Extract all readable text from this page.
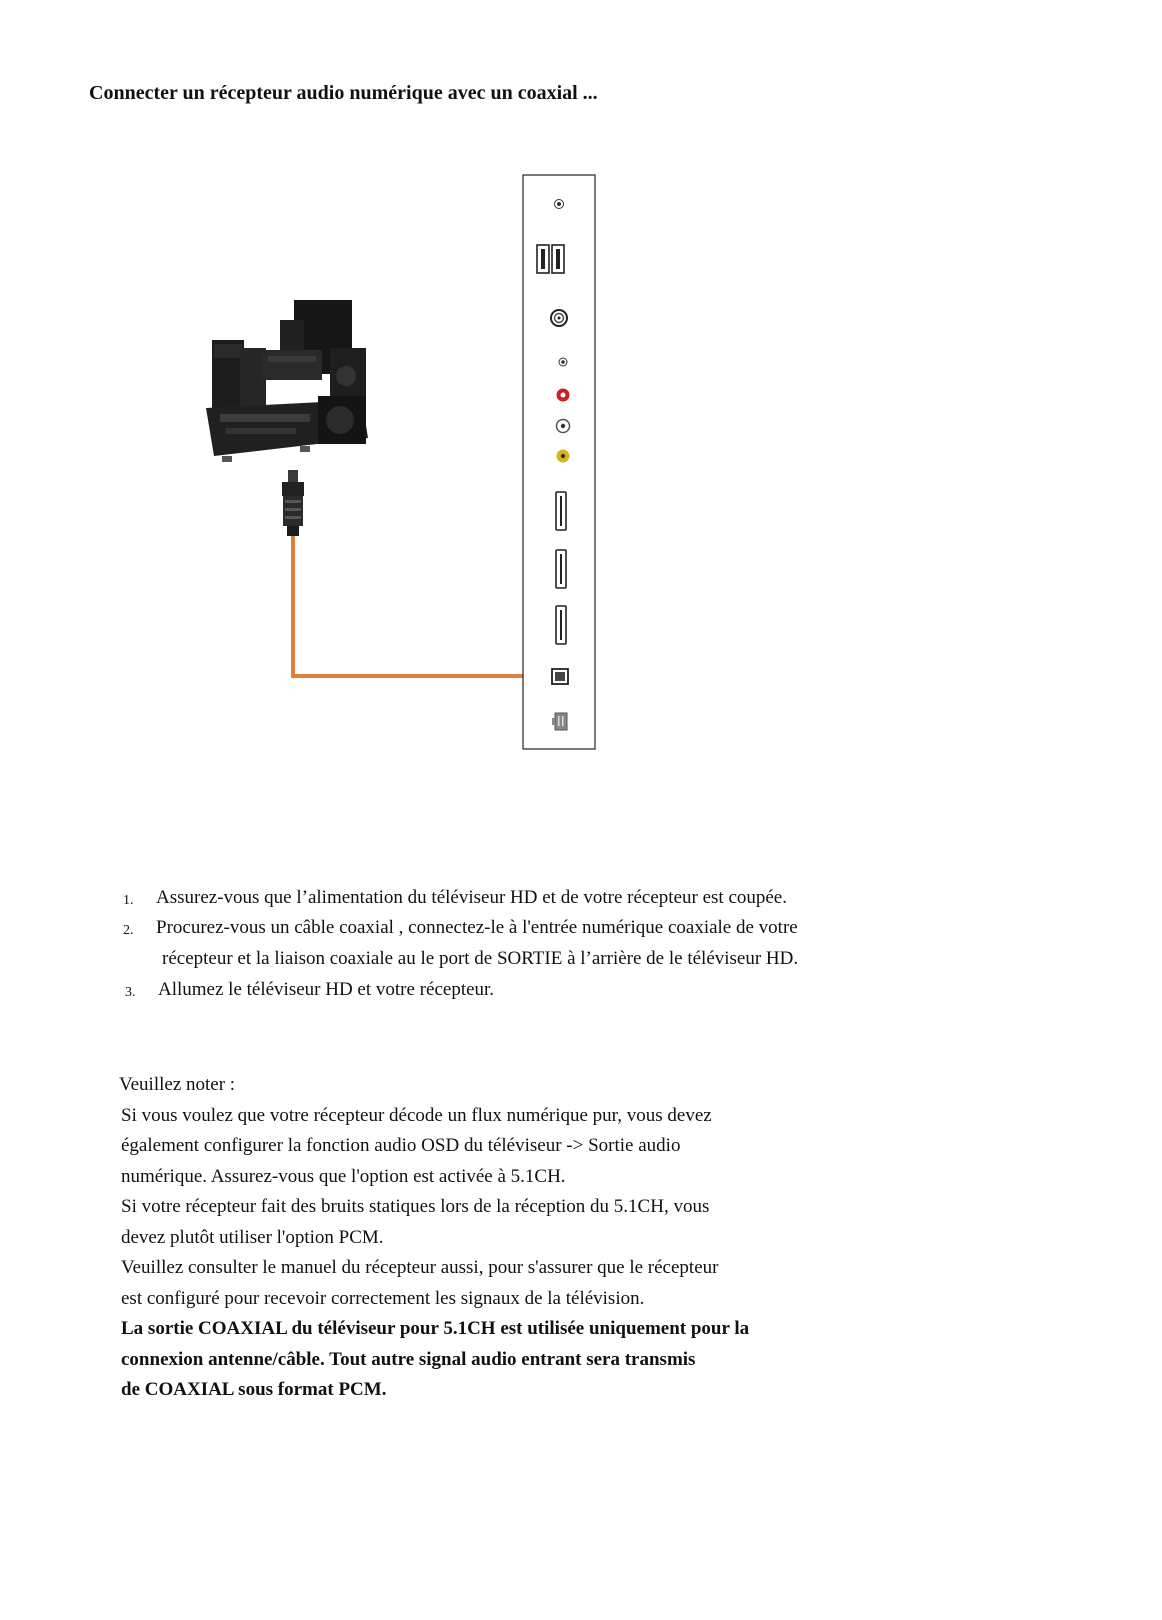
Connecter un récepteur audio numérique avec un coaxial ...
1. Assurez-vous que l’alimentation du téléviseur HD et de votre récepteur est coupée.
2. Procurez-vous un câble coaxial , connectez-le à l'entrée numérique coaxiale de votre
récepteur et la liaison coaxiale au le port de SORTIE à l’arrière de le téléviseur HD.
3. Allumez le téléviseur HD et votre récepteur.
Veuillez noter :
Si vous voulez que votre récepteur décode un flux numérique pur, vous devez
également configurer la fonction audio OSD du téléviseur -> Sortie audio
numérique. Assurez-vous que l'option est activée à 5.1CH.
Si votre récepteur fait des bruits statiques lors de la réception du 5.1CH, vous
devez plutôt utiliser l'option PCM.
Veuillez consulter le manuel du récepteur aussi, pour s'assurer que le récepteur
est configuré pour recevoir correctement les signaux de la télévision.
La sortie COAXIAL du téléviseur pour 5.1CH est utilisée uniquement pour la
connexion antenne/câble. Tout autre signal audio entrant sera transmis
de COAXIAL sous format PCM.
